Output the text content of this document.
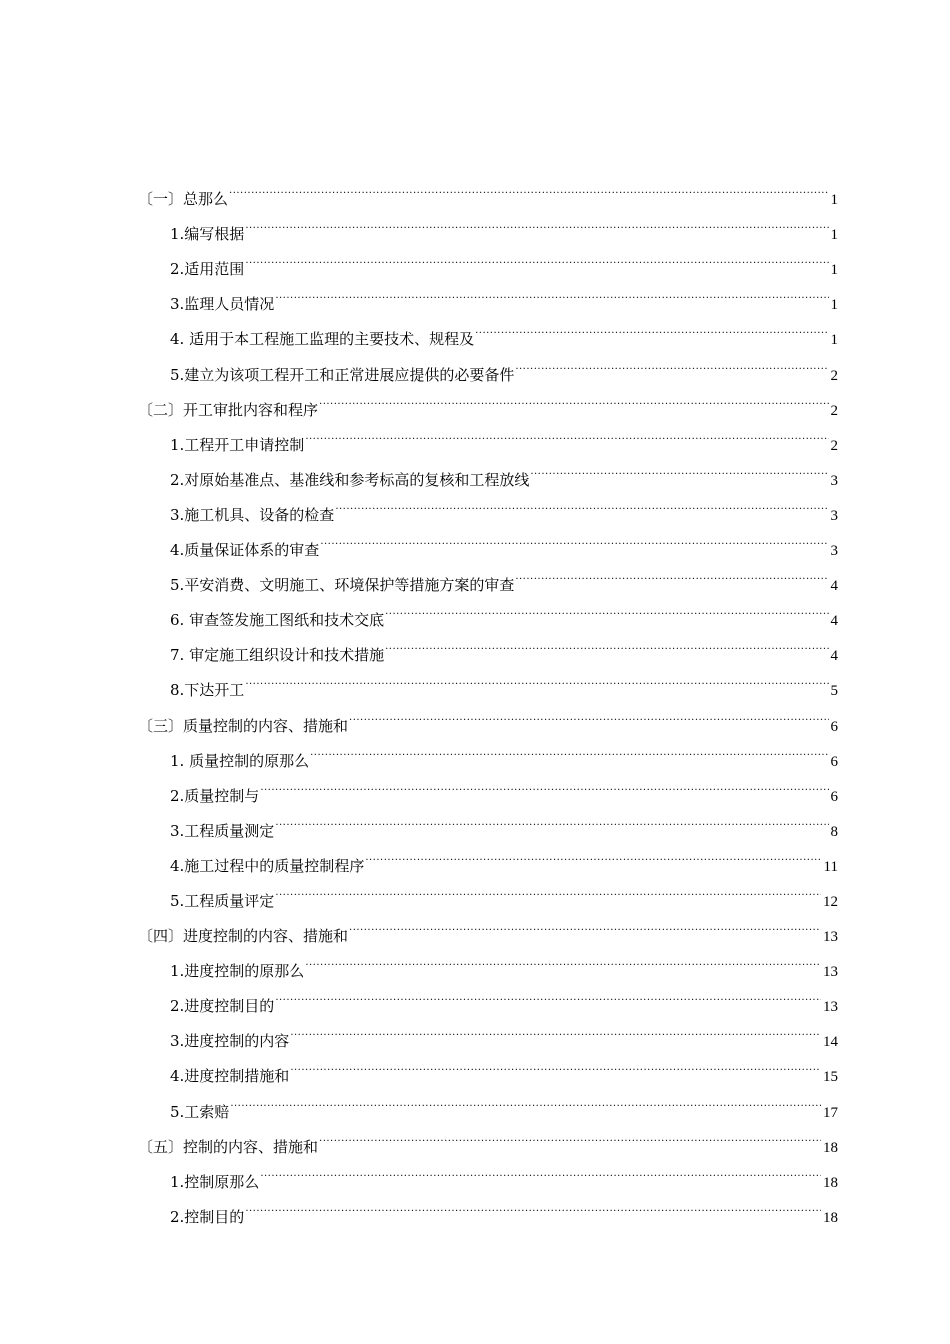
〔一〕总那么 .....	1
1.编写根据 .....	1
2.适用范围 .....	1
3.监理人员情况 .....	1
4. 适用于本工程施工监理的主要技术、规程及 .....	1
5.建立为该项工程开工和正常进展应提供的必要备件 .....	2
〔二〕开工审批内容和程序 .....	2
1.工程开工申请控制 .....	2
2.对原始基准点、基准线和参考标高的复核和工程放线 .....	3
3.施工机具、设备的检查 .....	3
4.质量保证体系的审查 .....	3
5.平安消费、文明施工、环境保护等措施方案的审查 .....	4
6. 审查签发施工图纸和技术交底 .....	4
7. 审定施工组织设计和技术措施 .....	4
8.下达开工 .....	5
〔三〕质量控制的内容、措施和 .....	6
1. 质量控制的原那么 .....	6
2.质量控制与 .....	6
3.工程质量测定 .....	8
4.施工过程中的质量控制程序 .....	11
5.工程质量评定 .....	12
〔四〕进度控制的内容、措施和 .....	13
1.进度控制的原那么 .....	13
2.进度控制目的 .....	13
3.进度控制的内容 .....	14
4.进度控制措施和 .....	15
5.工索赔 .....	17
〔五〕控制的内容、措施和 .....	18
1.控制原那么 .....	18
2.控制目的 .....	18
